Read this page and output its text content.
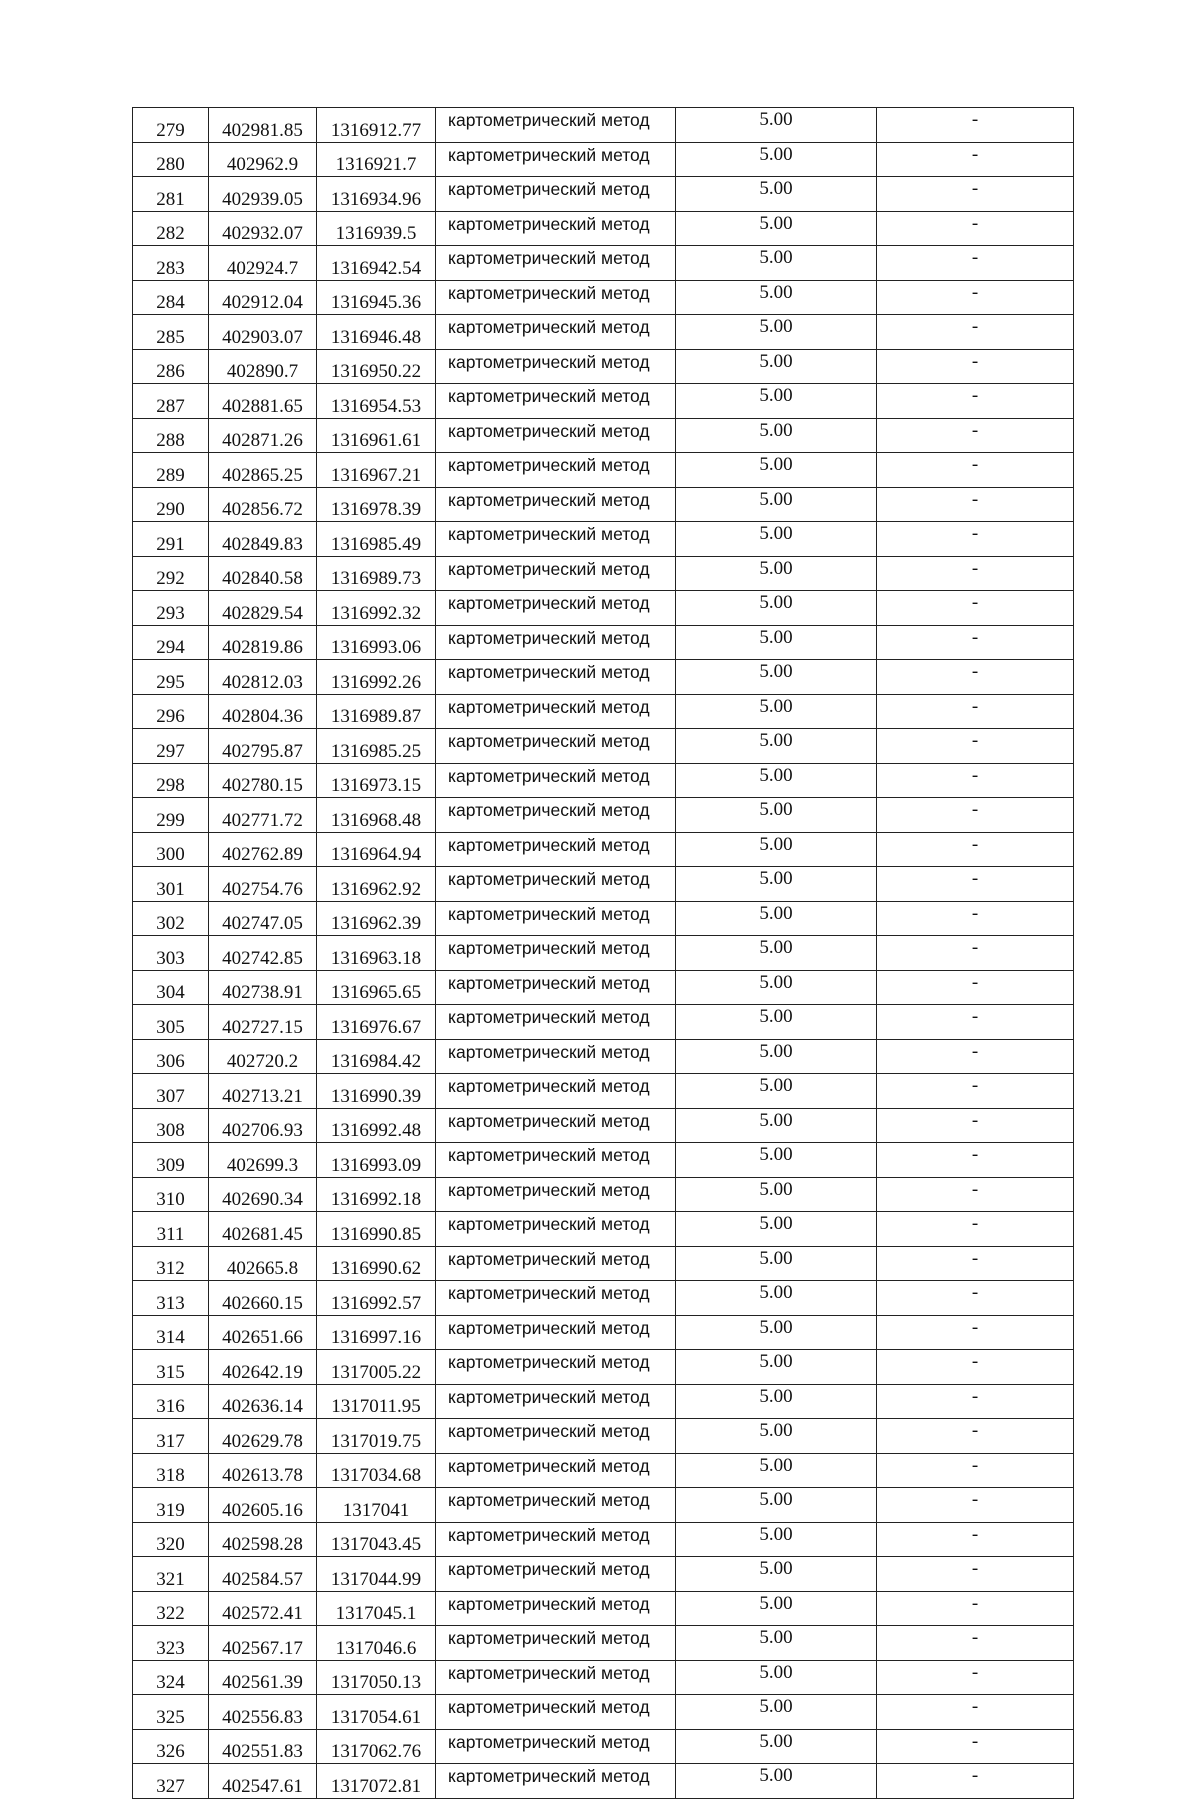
279	402981.85	1316912.77	картометрический метод	5.00	-
280	402962.9	1316921.7	картометрический метод	5.00	-
281	402939.05	1316934.96	картометрический метод	5.00	-
282	402932.07	1316939.5	картометрический метод	5.00	-
283	402924.7	1316942.54	картометрический метод	5.00	-
284	402912.04	1316945.36	картометрический метод	5.00	-
285	402903.07	1316946.48	картометрический метод	5.00	-
286	402890.7	1316950.22	картометрический метод	5.00	-
287	402881.65	1316954.53	картометрический метод	5.00	-
288	402871.26	1316961.61	картометрический метод	5.00	-
289	402865.25	1316967.21	картометрический метод	5.00	-
290	402856.72	1316978.39	картометрический метод	5.00	-
291	402849.83	1316985.49	картометрический метод	5.00	-
292	402840.58	1316989.73	картометрический метод	5.00	-
293	402829.54	1316992.32	картометрический метод	5.00	-
294	402819.86	1316993.06	картометрический метод	5.00	-
295	402812.03	1316992.26	картометрический метод	5.00	-
296	402804.36	1316989.87	картометрический метод	5.00	-
297	402795.87	1316985.25	картометрический метод	5.00	-
298	402780.15	1316973.15	картометрический метод	5.00	-
299	402771.72	1316968.48	картометрический метод	5.00	-
300	402762.89	1316964.94	картометрический метод	5.00	-
301	402754.76	1316962.92	картометрический метод	5.00	-
302	402747.05	1316962.39	картометрический метод	5.00	-
303	402742.85	1316963.18	картометрический метод	5.00	-
304	402738.91	1316965.65	картометрический метод	5.00	-
305	402727.15	1316976.67	картометрический метод	5.00	-
306	402720.2	1316984.42	картометрический метод	5.00	-
307	402713.21	1316990.39	картометрический метод	5.00	-
308	402706.93	1316992.48	картометрический метод	5.00	-
309	402699.3	1316993.09	картометрический метод	5.00	-
310	402690.34	1316992.18	картометрический метод	5.00	-
311	402681.45	1316990.85	картометрический метод	5.00	-
312	402665.8	1316990.62	картометрический метод	5.00	-
313	402660.15	1316992.57	картометрический метод	5.00	-
314	402651.66	1316997.16	картометрический метод	5.00	-
315	402642.19	1317005.22	картометрический метод	5.00	-
316	402636.14	1317011.95	картометрический метод	5.00	-
317	402629.78	1317019.75	картометрический метод	5.00	-
318	402613.78	1317034.68	картометрический метод	5.00	-
319	402605.16	1317041	картометрический метод	5.00	-
320	402598.28	1317043.45	картометрический метод	5.00	-
321	402584.57	1317044.99	картометрический метод	5.00	-
322	402572.41	1317045.1	картометрический метод	5.00	-
323	402567.17	1317046.6	картометрический метод	5.00	-
324	402561.39	1317050.13	картометрический метод	5.00	-
325	402556.83	1317054.61	картометрический метод	5.00	-
326	402551.83	1317062.76	картометрический метод	5.00	-
327	402547.61	1317072.81	картометрический метод	5.00	-
